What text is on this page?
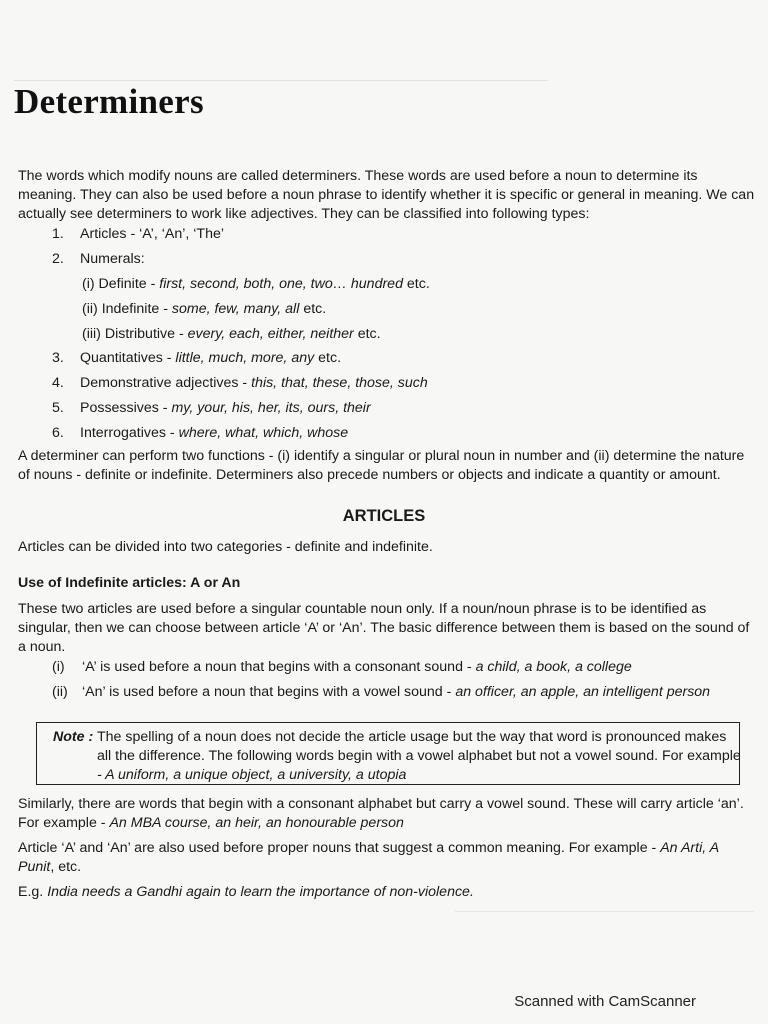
Determiners
The words which modify nouns are called determiners. These words are used before a noun to determine its meaning. They can also be used before a noun phrase to identify whether it is specific or general in meaning. We can actually see determiners to work like adjectives. They can be classified into following types:
1. Articles - ‘A’, ‘An’, ‘The’
2. Numerals:
(i) Definite - first, second, both, one, two… hundred etc.
(ii) Indefinite - some, few, many, all etc.
(iii) Distributive - every, each, either, neither etc.
3. Quantitatives - little, much, more, any etc.
4. Demonstrative adjectives - this, that, these, those, such
5. Possessives - my, your, his, her, its, ours, their
6. Interrogatives - where, what, which, whose
A determiner can perform two functions - (i) identify a singular or plural noun in number and (ii) determine the nature of nouns - definite or indefinite. Determiners also precede numbers or objects and indicate a quantity or amount.
ARTICLES
Articles can be divided into two categories - definite and indefinite.
Use of Indefinite articles: A or An
These two articles are used before a singular countable noun only. If a noun/noun phrase is to be identified as singular, then we can choose between article ‘A’ or ‘An’. The basic difference between them is based on the sound of a noun.
(i) ‘A’ is used before a noun that begins with a consonant sound - a child, a book, a college
(ii) ‘An’ is used before a noun that begins with a vowel sound - an officer, an apple, an intelligent person
Note : The spelling of a noun does not decide the article usage but the way that word is pronounced makes all the difference. The following words begin with a vowel alphabet but not a vowel sound. For example
- A uniform, a unique object, a university, a utopia
Similarly, there are words that begin with a consonant alphabet but carry a vowel sound. These will carry article ‘an’. For example - An MBA course, an heir, an honourable person
Article ‘A’ and ‘An’ are also used before proper nouns that suggest a common meaning. For example - An Arti, A Punit, etc.
E.g. India needs a Gandhi again to learn the importance of non-violence.
Scanned with CamScanner
